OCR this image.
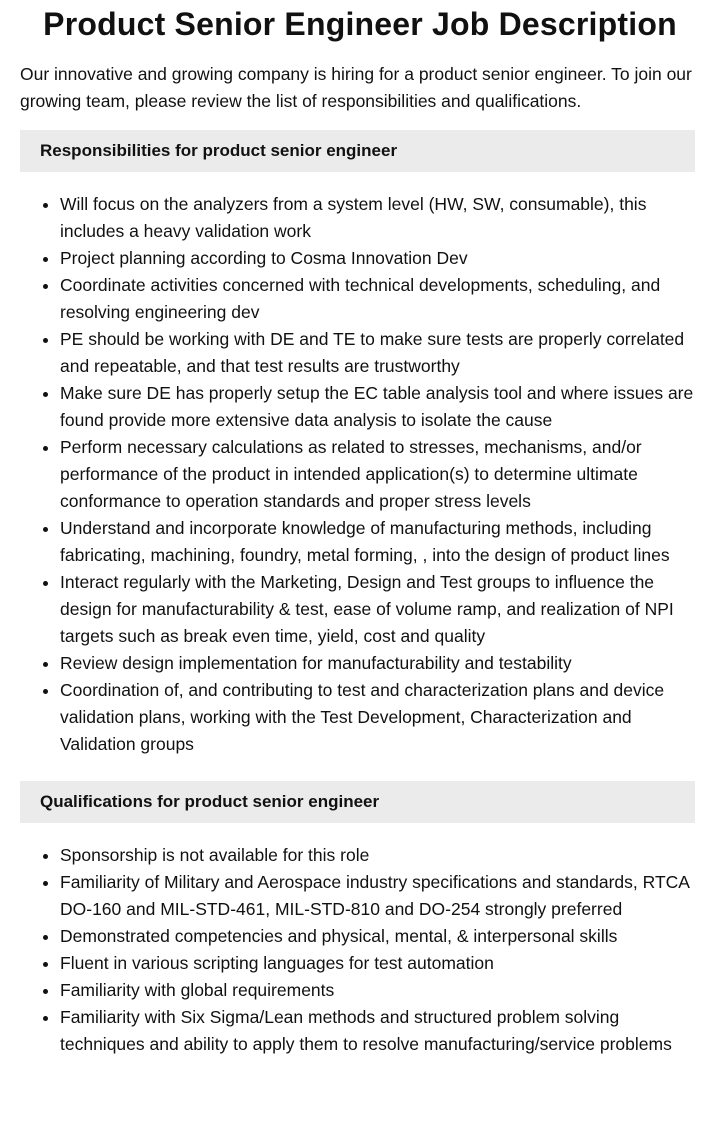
Product Senior Engineer Job Description

Our innovative and growing company is hiring for a product senior engineer. To join our growing team, please review the list of responsibilities and qualifications.

Responsibilities for product senior engineer
• Will focus on the analyzers from a system level (HW, SW, consumable), this includes a heavy validation work
• Project planning according to Cosma Innovation Dev
• Coordinate activities concerned with technical developments, scheduling, and resolving engineering dev
• PE should be working with DE and TE to make sure tests are properly correlated and repeatable, and that test results are trustworthy
• Make sure DE has properly setup the EC table analysis tool and where issues are found provide more extensive data analysis to isolate the cause
• Perform necessary calculations as related to stresses, mechanisms, and/or performance of the product in intended application(s) to determine ultimate conformance to operation standards and proper stress levels
• Understand and incorporate knowledge of manufacturing methods, including fabricating, machining, foundry, metal forming, , into the design of product lines
• Interact regularly with the Marketing, Design and Test groups to influence the design for manufacturability & test, ease of volume ramp, and realization of NPI targets such as break even time, yield, cost and quality
• Review design implementation for manufacturability and testability
• Coordination of, and contributing to test and characterization plans and device validation plans, working with the Test Development, Characterization and Validation groups
Qualifications for product senior engineer
• Sponsorship is not available for this role
• Familiarity of Military and Aerospace industry specifications and standards, RTCA DO-160 and MIL-STD-461, MIL-STD-810 and DO-254 strongly preferred
• Demonstrated competencies and physical, mental, & interpersonal skills
• Fluent in various scripting languages for test automation
• Familiarity with global requirements
• Familiarity with Six Sigma/Lean methods and structured problem solving techniques and ability to apply them to resolve manufacturing/service problems
